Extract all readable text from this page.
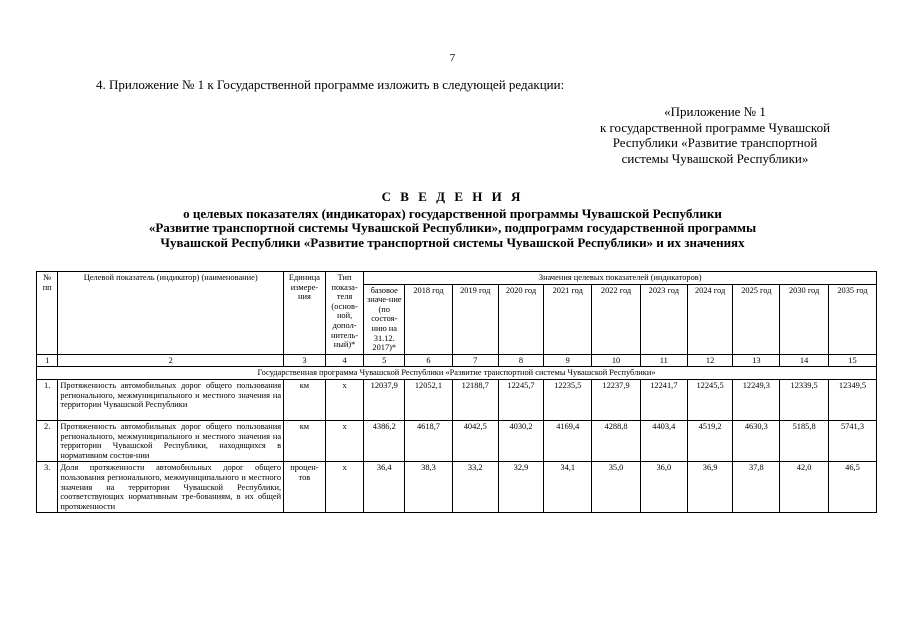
7
4. Приложение № 1 к Государственной программе изложить в следующей редакции:
«Приложение № 1
к государственной программе Чувашской
Республики «Развитие транспортной
системы Чувашской Республики»
С В Е Д Е Н И Я
о целевых показателях (индикаторах) государственной программы Чувашской Республики
«Развитие транспортной системы Чувашской Республики», подпрограмм государственной программы
Чувашской Республики «Развитие транспортной системы Чувашской Республики» и их значениях
№ пп	Целевой показатель (индикатор) (наименование)	Единица измере-ния	Тип показа-теля (основ-ной, допол-нитель-ный)*	Значения целевых показателей (индикаторов)										
				базовое значе-ние (по состоя-нию на 31.12. 2017)*	2018 год	2019 год	2020 год	2021 год	2022 год	2023 год	2024 год	2025 год	2030 год	2035 год
1	2	3	4	5	6	7	8	9	10	11	12	13	14	15
Государственная программа Чувашской Республики «Развитие транспортной системы Чувашской Республики»														
1.	Протяженность автомобильных дорог общего пользования регионального, межмуниципального и местного значения на территории Чувашской Республики	км	х	12037,9	12052,1	12188,7	12245,7	12235,5	12237,9	12241,7	12245,5	12249,3	12339,5	12349,5
2.	Протяженность автомобильных дорог общего пользования регионального, межмуниципального и местного значения на территории Чувашской Республики, находящихся в нормативном состоя-нии	км	х	4386,2	4618,7	4042,5	4030,2	4169,4	4288,8	4403,4	4519,2	4630,3	5185,8	5741,3
3.	Доля протяженности автомобильных дорог общего пользования регионального, межмуниципального и местного значения на территории Чувашской Республики, соответствующих нормативным тре-бованиям, в их общей протяженности	процен-тов	х	36,4	38,3	33,2	32,9	34,1	35,0	36,0	36,9	37,8	42,0	46,5
